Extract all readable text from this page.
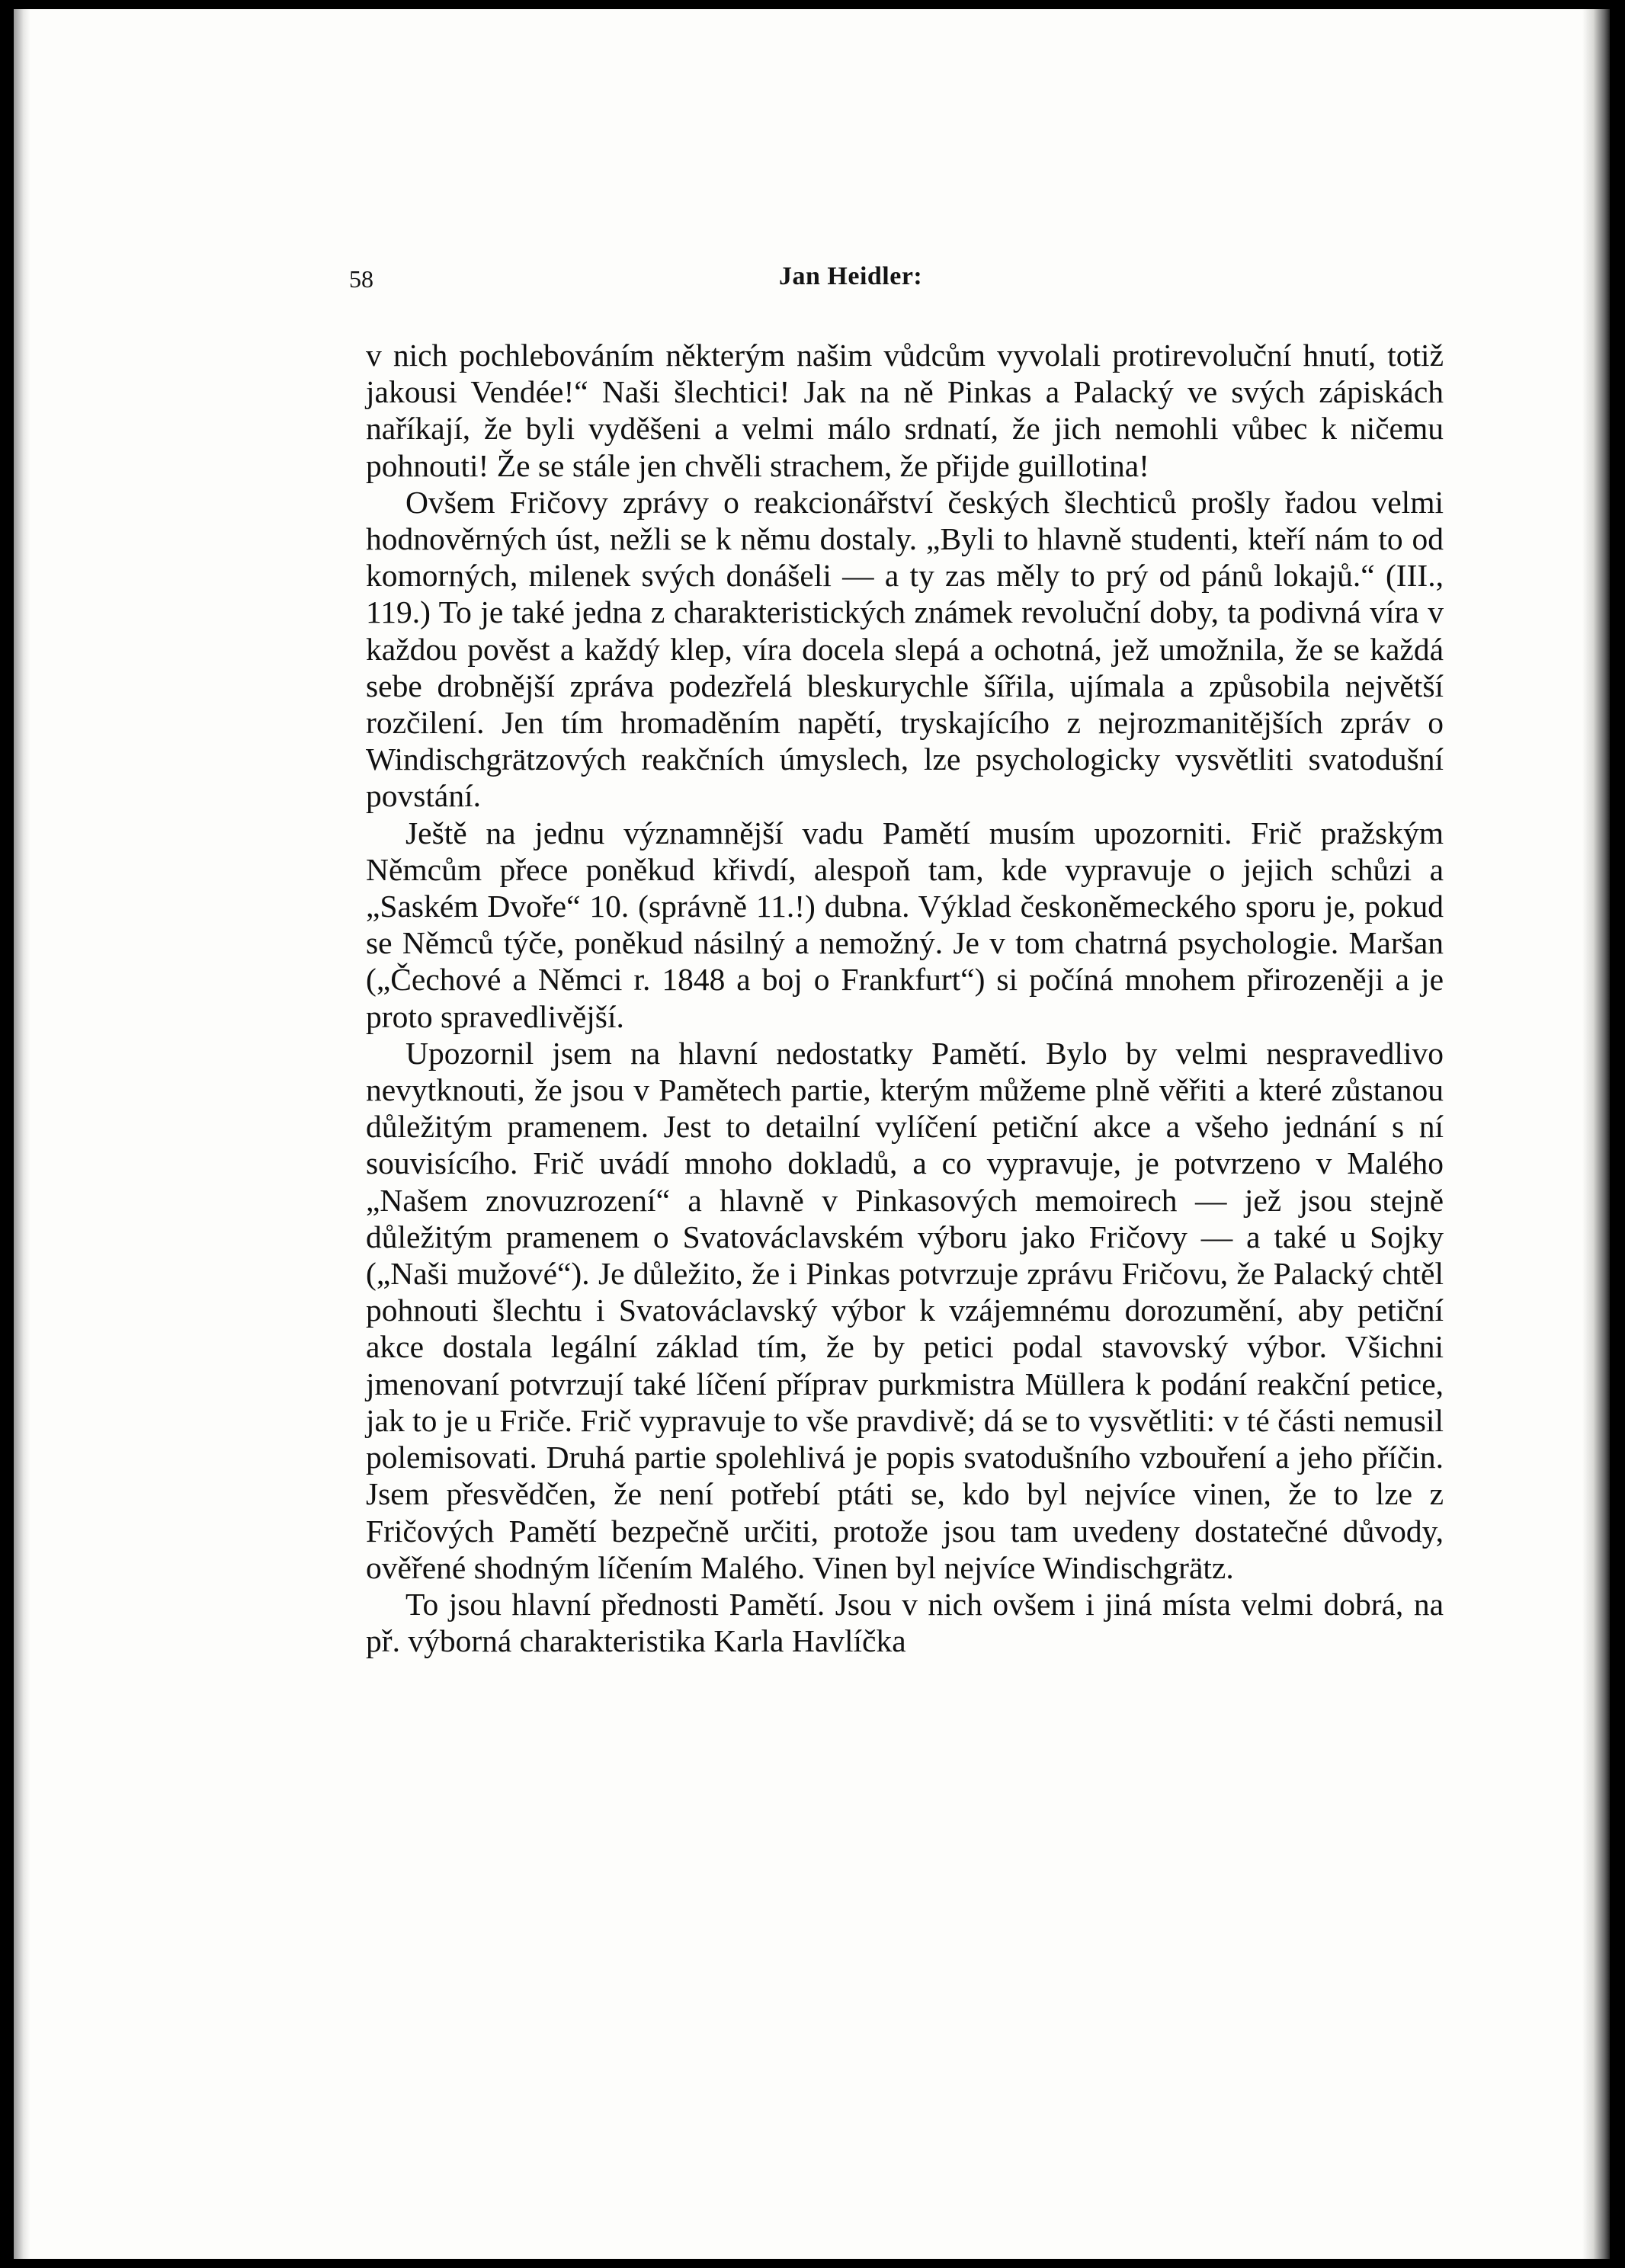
58	Jan Heidler:

v nich pochlebováním některým našim vůdcům vyvolali protirevoluční hnutí, totiž jakousi Vendée!“ Naši šlechtici! Jak na ně Pinkas a Palacký ve svých zápiskách naříkají, že byli vyděšeni a velmi málo srdnatí, že jich nemohli vůbec k ničemu pohnouti! Že se stále jen chvěli strachem, že přijde guillotina!

Ovšem Fričovy zprávy o reakcionářství českých šlechticů prošly řadou velmi hodnověrných úst, nežli se k němu dostaly. „Byli to hlavně studenti, kteří nám to od komorných, milenek svých donášeli — a ty zas měly to prý od pánů lokajů.“ (III., 119.) To je také jedna z charakteristických známek revoluční doby, ta podivná víra v každou pověst a každý klep, víra docela slepá a ochotná, jež umožnila, že se každá sebe drobnější zpráva podezřelá bleskurychle šířila, ujímala a způsobila největší rozčilení. Jen tím hromaděním napětí, tryskajícího z nejrozmanitějších zpráv o Windischgrätzových reakčních úmyslech, lze psychologicky vysvětliti svatodušní povstání.

Ještě na jednu významnější vadu Pamětí musím upozorniti. Frič pražským Němcům přece poněkud křivdí, alespoň tam, kde vypravuje o jejich schůzi a „Saském Dvoře“ 10. (správně 11.!) dubna. Výklad českoněmeckého sporu je, pokud se Němců týče, poněkud násilný a nemožný. Je v tom chatrná psychologie. Maršan („Čechové a Němci r. 1848 a boj o Frankfurt“) si počíná mnohem přirozeněji a je proto spravedlivější.

Upozornil jsem na hlavní nedostatky Pamětí. Bylo by velmi nespravedlivo nevytknouti, že jsou v Pamětech partie, kterým můžeme plně věřiti a které zůstanou důležitým pramenem. Jest to detailní vylíčení petiční akce a všeho jednání s ní souvisícího. Frič uvádí mnoho dokladů, a co vypravuje, je potvrzeno v Malého „Našem znovuzrození“ a hlavně v Pinkasových memoirech — jež jsou stejně důležitým pramenem o Svatováclavském výboru jako Fričovy — a také u Sojky („Naši mužové“). Je důležito, že i Pinkas potvrzuje zprávu Fričovu, že Palacký chtěl pohnouti šlechtu i Svatováclavský výbor k vzájemnému dorozumění, aby petiční akce dostala legální základ tím, že by petici podal stavovský výbor. Všichni jmenovaní potvrzují také líčení příprav purkmistra Müllera k podání reakční petice, jak to je u Friče. Frič vypravuje to vše pravdivě; dá se to vysvětliti: v té části nemusil polemisovati. Druhá partie spolehlivá je popis svatodušního vzbouření a jeho příčin. Jsem přesvědčen, že není potřebí ptáti se, kdo byl nejvíce vinen, že to lze z Fričových Pamětí bezpečně určiti, protože jsou tam uvedeny dostatečné důvody, ověřené shodným líčením Malého. Vinen byl nejvíce Windischgrätz.

To jsou hlavní přednosti Pamětí. Jsou v nich ovšem i jiná místa velmi dobrá, na př. výborná charakteristika Karla Havlíčka
